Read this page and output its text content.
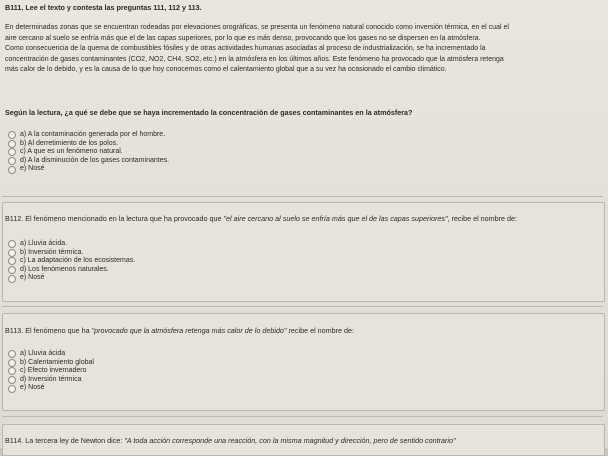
B111. Lee el texto y contesta las preguntas 111, 112 y 113.
En determinadas zonas que se encuentran rodeadas por elevaciones orográficas, se presenta un fenómeno natural conocido como inversión térmica, en el cual el
aire cercano al suelo se enfría más que el de las capas superiores, por lo que es más denso, provocando que los gases no se dispersen en la atmósfera.
Como consecuencia de la quema de combustibles fósiles y de otras actividades humanas asociadas al proceso de industrialización, se ha incrementado la
concentración de gases contaminantes (CO2, NO2, CH4, SO2, etc.) en la atmósfera en los últimos años. Este fenómeno ha provocado que la atmósfera retenga
más calor de lo debido, y es la causa de lo que hoy conocemos como el calentamiento global que a su vez ha ocasionado el cambio climático.
Según la lectura, ¿a qué se debe que se haya incrementado la concentración de gases contaminantes en la atmósfera?
a) A la contaminación generada por el hombre.
b) Al derretimiento de los polos.
c) A que es un fenómeno natural.
d) A la disminución de los gases contaminantes.
e) Nosé
B112. El fenómeno mencionado en la lectura que ha provocado que "el aire cercano al suelo se enfría más que el de las capas superiores", recibe el nombre de:
a) Lluvia ácida.
b) Inversión térmica.
c) La adaptación de los ecosistemas.
d) Los fenómenos naturales.
e) Nosé
B113. El fenómeno que ha "provocado que la atmósfera retenga más calor de lo debido" recibe el nombre de:
a) Lluvia ácida
b) Calentamiento global
c) Efecto invernadero
d) Inversión térmica
e) Nosé
B114. La tercera ley de Newton dice: "A toda acción corresponde una reacción, con la misma magnitud y dirección, pero de sentido contrario"
